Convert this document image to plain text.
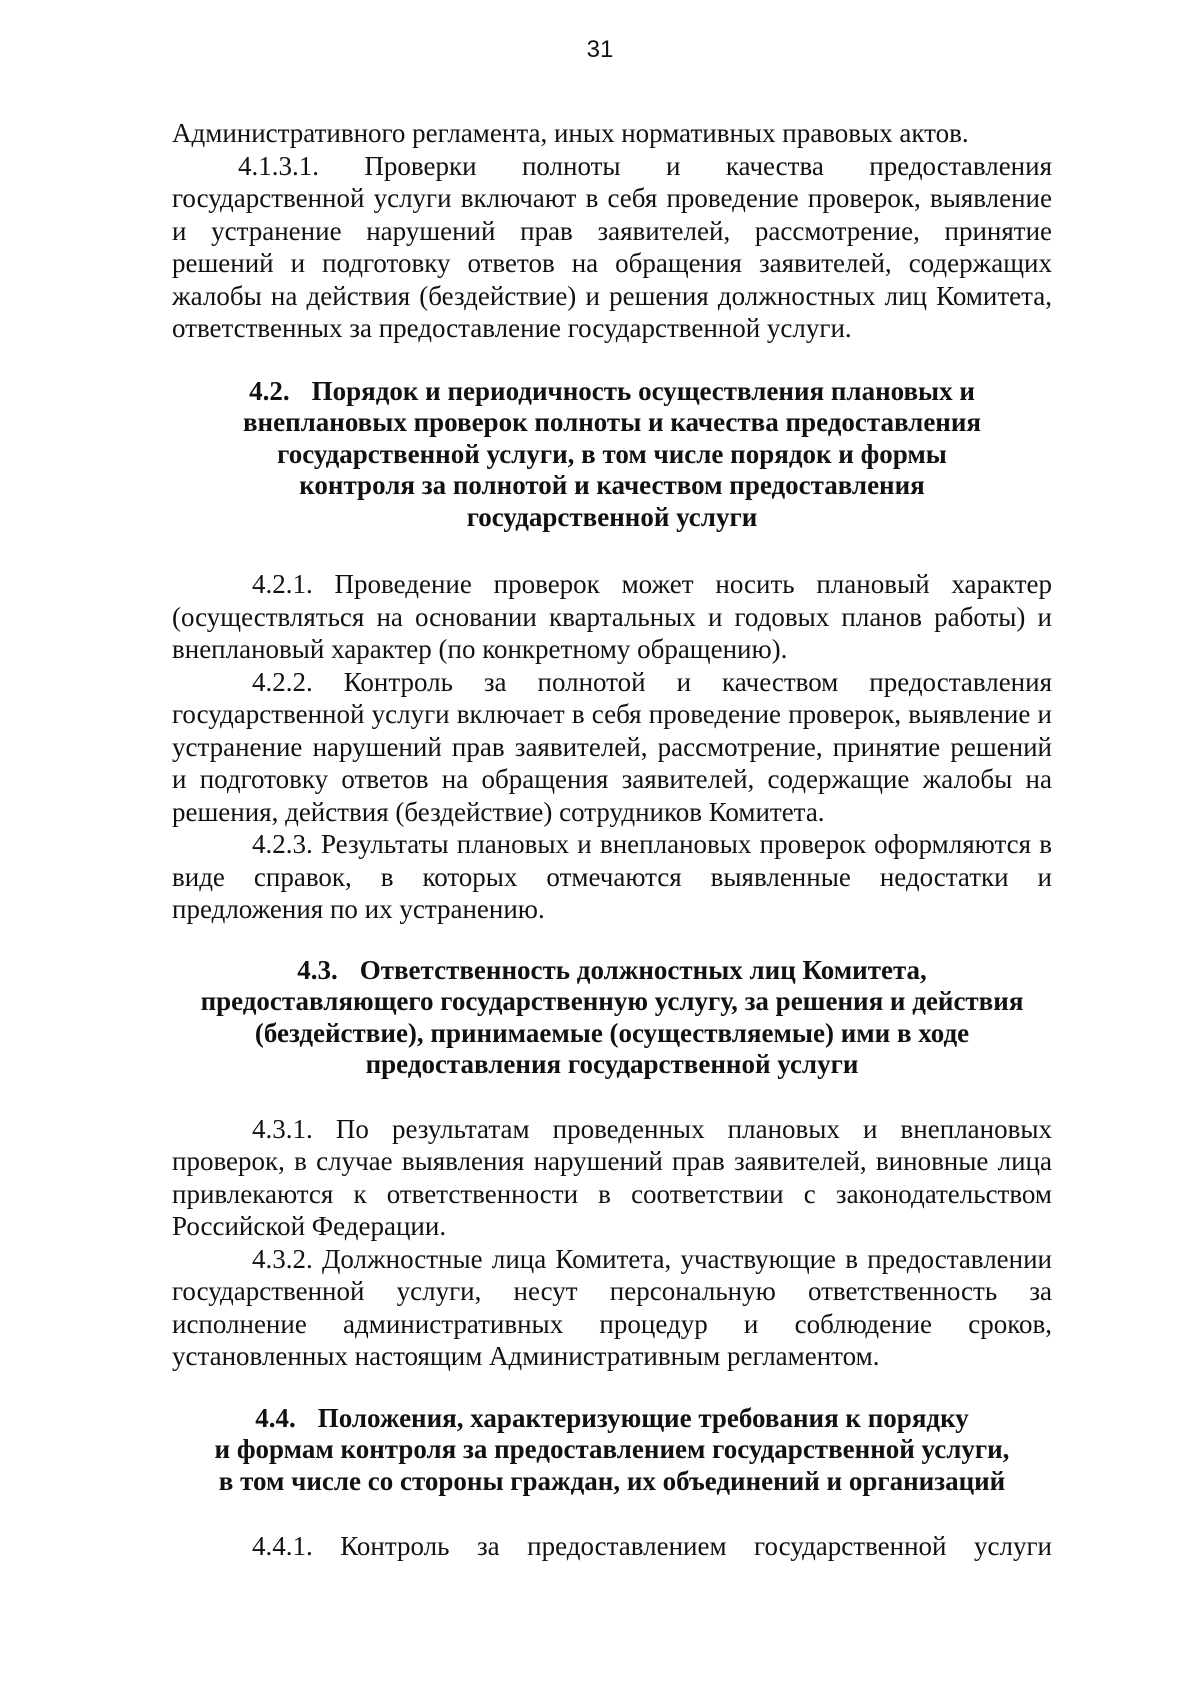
31

Административного регламента, иных нормативных правовых актов.

4.1.3.1. Проверки полноты и качества предоставления государственной услуги включают в себя проведение проверок, выявление и устранение нарушений прав заявителей, рассмотрение, принятие решений и подготовку ответов на обращения заявителей, содержащих жалобы на действия (бездействие) и решения должностных лиц Комитета, ответственных за предоставление государственной услуги.

4.2. Порядок и периодичность осуществления плановых и
внеплановых проверок полноты и качества предоставления
государственной услуги, в том числе порядок и формы
контроля за полнотой и качеством предоставления
государственной услуги

4.2.1. Проведение проверок может носить плановый характер (осуществляться на основании квартальных и годовых планов работы) и внеплановый характер (по конкретному обращению).

4.2.2. Контроль за полнотой и качеством предоставления государственной услуги включает в себя проведение проверок, выявление и устранение нарушений прав заявителей, рассмотрение, принятие решений и подготовку ответов на обращения заявителей, содержащие жалобы на решения, действия (бездействие) сотрудников Комитета.

4.2.3. Результаты плановых и внеплановых проверок оформляются в виде справок, в которых отмечаются выявленные недостатки и предложения по их устранению.

4.3. Ответственность должностных лиц Комитета,
предоставляющего государственную услугу, за решения и действия
(бездействие), принимаемые (осуществляемые) ими в ходе
предоставления государственной услуги

4.3.1. По результатам проведенных плановых и внеплановых проверок, в случае выявления нарушений прав заявителей, виновные лица привлекаются к ответственности в соответствии с законодательством Российской Федерации.

4.3.2. Должностные лица Комитета, участвующие в предоставлении государственной услуги, несут персональную ответственность за исполнение административных процедур и соблюдение сроков, установленных настоящим Административным регламентом.

4.4. Положения, характеризующие требования к порядку
и формам контроля за предоставлением государственной услуги,
в том числе со стороны граждан, их объединений и организаций

4.4.1. Контроль за предоставлением государственной услуги
